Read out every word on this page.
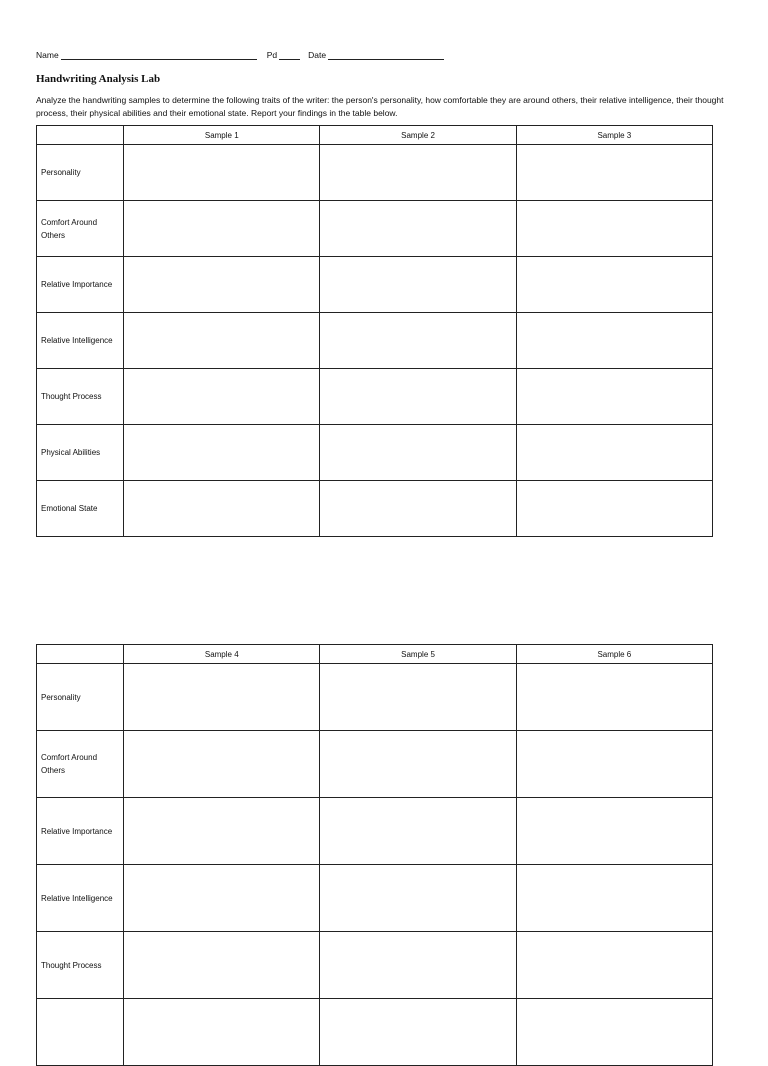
Name	Pd	Date
Handwriting Analysis Lab
Analyze the handwriting samples to determine the following traits of the writer: the person's personality, how comfortable they are around others, their relative intelligence, their thought process, their physical abilities and their emotional state. Report your findings in the table below.
	Sample 1	Sample 2	Sample 3
Personality			
Comfort Around Others			
Relative Importance			
Relative Intelligence			
Thought Process			
Physical Abilities			
Emotional State			
	Sample 4	Sample 5	Sample 6
Personality			
Comfort Around Others			
Relative Importance			
Relative Intelligence			
Thought Process			
